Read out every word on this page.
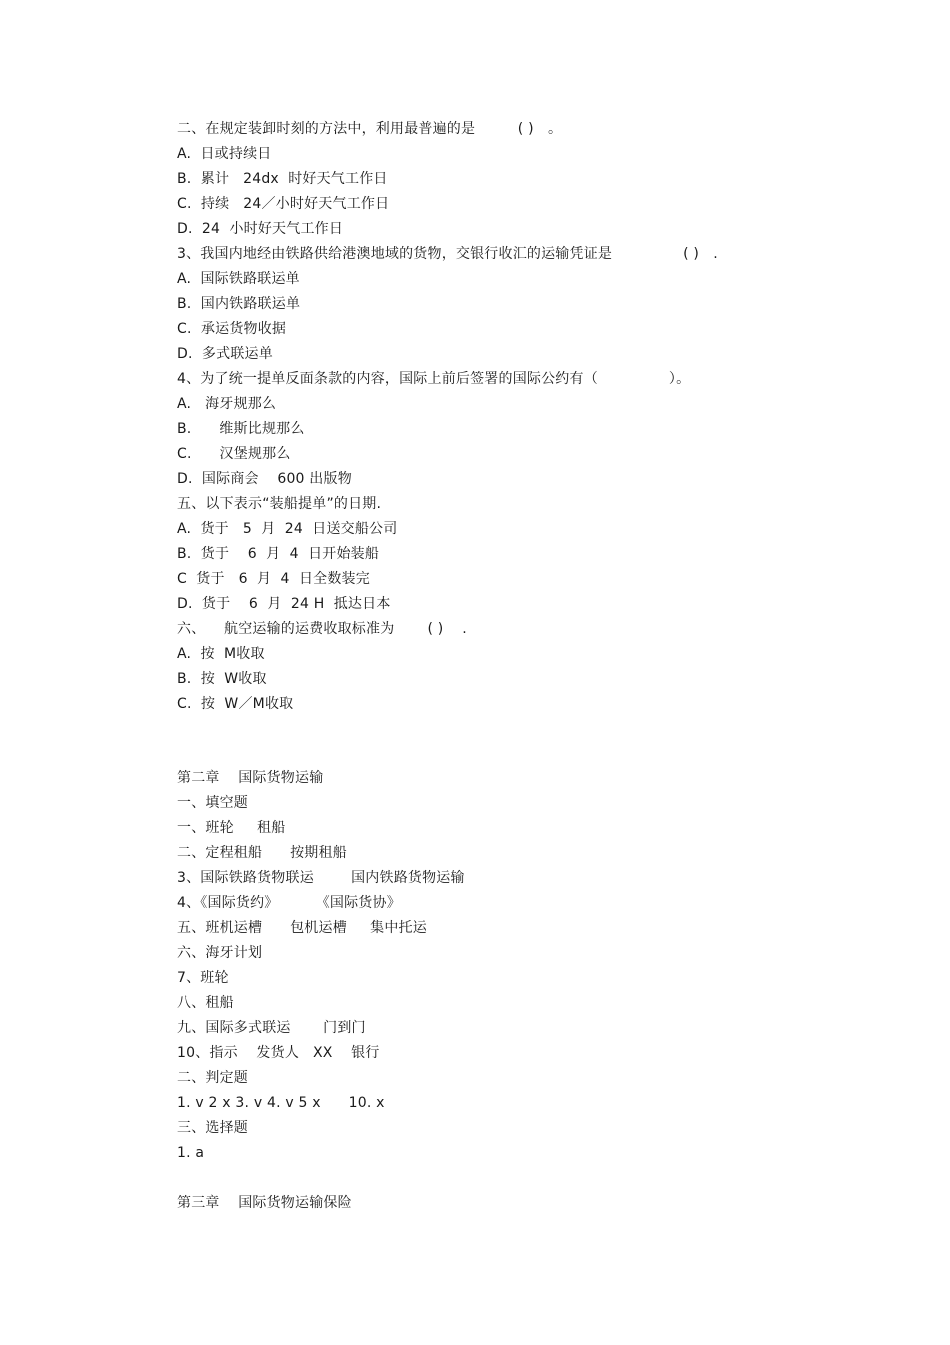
二、在规定装卸时刻的方法中，利用最普遍的是　　　( )　。
A.  日或持续日
B.  累计   24dx  时好天气工作日
C.  持续   24／小时好天气工作日
D.  24  小时好天气工作日
3、我国内地经由铁路供给港澳地域的货物，交银行收汇的运输凭证是　　　　　( )　.
A.  国际铁路联运单
B.  国内铁路联运单
C.  承运货物收据
D.  多式联运单
4、为了统一提单反面条款的内容，国际上前后签署的国际公约有（　　　　　）。
A.   海牙规那么
B.      维斯比规那么
C.      汉堡规那么
D.  国际商会    600 出版物
五、以下表示“装船提单”的日期.
A.  货于   5  月  24  日送交船公司
B.  货于    6  月  4  日开始装船
C  货于   6  月  4  日全数装完
D.  货于    6  月  24 H  抵达日本
六、    航空运输的运费收取标准为　　 ( )　 .
A.  按  M收取
B.  按  W收取
C.  按  W／M收取
第二章    国际货物运输
一、填空题
一、班轮     租船
二、定程租船      按期租船
3、国际铁路货物联运        国内铁路货物运输
4、《国际货约》        《国际货协》
五、班机运槽      包机运槽     集中托运
六、海牙计划
7、班轮
八、租船
九、国际多式联运       门到门
10、指示    发货人   XX    银行
二、判定题
1. v 2 x 3. v 4. v 5 x      10. x
三、选择题
1. a
第三章    国际货物运输保险
